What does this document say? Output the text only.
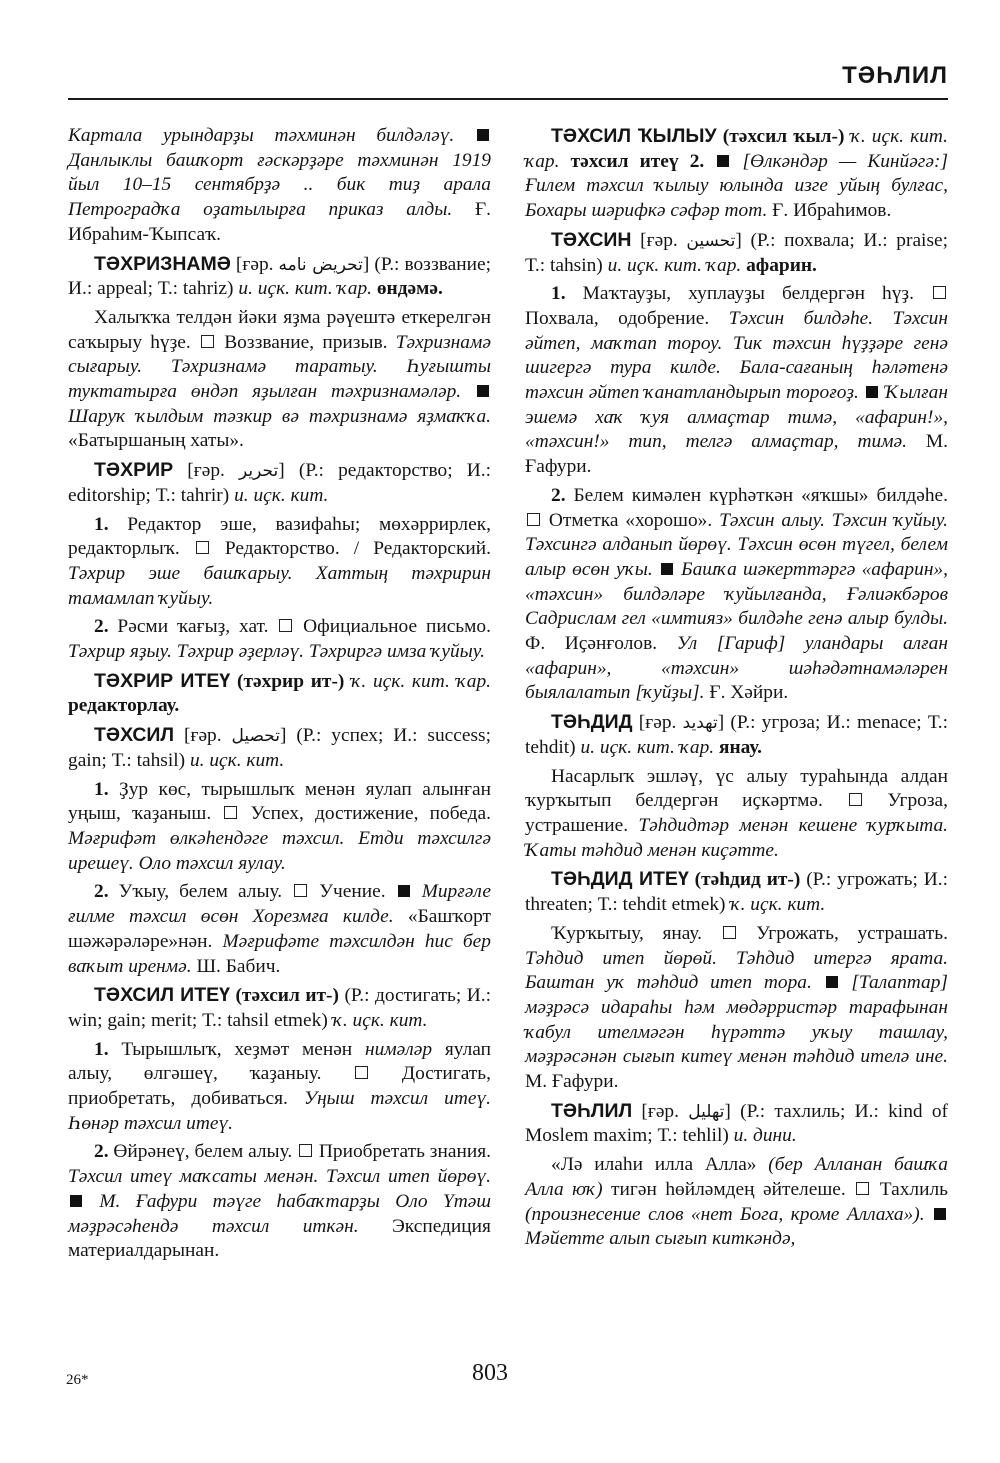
ТӘҺЛИЛ

Картала урындарҙы тәхминән билдәләү.  Данлыклы башҡорт ғәскәрҙәре тәхминән 1919 йыл 10–15 сентябрҙә .. бик тиҙ арала Петроградҡа оҙатылырға приказ алды. Ғ. Ибраһим-Ҡыпсаҡ.

ТӘХРИЗНАМӘ [ғәр. تحريض نامه] (Р.: воззвание; И.: appeal; Т.: tahriz) и. иҫк. кит. ҡар. өндәмә.

Халыҡҡа телдән йәки яҙма рәүештә еткерелгән саҡырыу һүҙе. Воззвание, призыв. Тәхризнамә сығарыу. Тәхризнамә таратыу. Һуғышты туктатырға өндәп яҙылған тәхризнамәләр.  Шаруҡ ҡылдым тәзкир вә тәхризнамә яҙмаҡҡа. «Батыршаның хаты».

ТӘХРИР [ғәр. تحرير] (Р.: редакторство; И.: editorship; Т.: tahrir) и. иҫк. кит.

1. Редактор эше, вазифаһы; мөхәррирлек, редакторлыҡ. Редакторство. / Редакторский. Тәхрир эше башҡарыу. Хаттың тәхририн тамамлап ҡуйыу.

2. Рәсми ҡағыҙ, хат. Официальное письмо. Тәхрир яҙыу. Тәхрир әҙерләү. Тәхриргә имза ҡуйыу.

ТӘХРИР ИТЕҮ (тәхрир ит-) ҡ. иҫк. кит. ҡар. редакторлау.

ТӘХСИЛ [ғәр. تحصيل] (Р.: успех; И.: success; gain; Т.: tahsil) и. иҫк. кит.

1. Ҙур көс, тырышлыҡ менән яулап алынған уңыш, ҡаҙаныш. Успех, достижение, победа. Мәғрифәт өлкәһендәге тәхсил. Етди тәхсилгә ирешеү. Оло тәхсил яулау.

2. Уҡыу, белем алыу. Учение. Мирғәле ғилме тәхсил өсөн Хорезмға килде. «Башҡорт шәжәрәләре»нән. Мәғрифәте тәхсилдән һис бер ваҡыт иренмә. Ш. Бабич.

ТӘХСИЛ ИТЕҮ (тәхсил ит-) (Р.: достигать; И.: win; gain; merit; Т.: tahsil etmek) ҡ. иҫк. кит.

1. Тырышлыҡ, хеҙмәт менән нимәләр яулап алыу, өлгәшеү, ҡаҙаныу.	Достигать, приобретать, добиваться. Уңыш тәхсил итеү. Һөнәр тәхсил итеү.

2. Өйрәнеү, белем алыу. Приобретать знания. Тәхсил итеү маҡсаты менән. Тәхсил итеп йөрөү.  М. Ғафури тәүге һабаҡтарҙы Оло Үтәш мәҙрәсәһендә тәхсил иткән. Экспедиция материалдарынан.

ТӘХСИЛ ҠЫЛЫУ (тәхсил ҡыл-) ҡ. иҫк. кит. ҡар. тәхсил итеү 2. [Өлкәндәр — Кинйәгә:] Ғилем тәхсил ҡылыу юлында изге уйың булғас, Бохары шәрифкә сәфәр тот. Ғ. Ибраһимов.

ТӘХСИН [ғәр. تحسين] (Р.: похвала; И.: praise; Т.: tahsin) и. иҫк. кит. ҡар. афарин.

1. Маҡтауҙы, хуплауҙы белдергән һүҙ.  Похвала, одобрение. Тәхсин билдәһе. Тәхсин әйтеп, маҡтап тороу. Тик тәхсин һүҙҙәре генә шигергә тура килде. Бала-сағаның һәләтенә тәхсин әйтеп ҡанатландырып тороғоҙ. Ҡылған эшемә хаҡ ҡуя алмаҫтар тимә, «афарин!», «тәхсин!» тип, телгә алмаҫтар, тимә. М. Ғафури.

2. Белем кимәлен күрһәткән «яҡшы» билдәһе.  Отметка «хорошо». Тәхсин алыу. Тәхсин ҡуйыу. Тәхсингә алданып йөрөү. Тәхсин өсөн түгел, белем алыр өсөн уҡы. Башҡа шәкерттәргә «афарин», «тәхсин» билдәләре ҡуйылғанда, Ғәлиәкбәров Садрислам гел «имтияз» билдәһе генә алыр булды. Ф. Иҫәнғолов. Ул [Гариф] уландары алған «афарин», «тәхсин» шәһәдәтнамәләрен быялалатып [ҡуйҙы]. Ғ. Хәйри.

ТӘҺДИД [ғәр. تهديد] (Р.: угроза; И.: menace; Т.: tehdit) и. иҫк. кит. ҡар. янау.

Насарлыҡ эшләү, үс алыу тураһында алдан ҡурҡытып белдергән иҫкәртмә.	Угроза, устрашение. Тәһдидтәр менән кешене ҡурҡыта. Ҡаты тәһдид менән киҫәтте.

ТӘҺДИД ИТЕҮ (тәһдид ит-) (Р.: угрожать; И.: threaten; Т.: tehdit etmek) ҡ. иҫк. кит.

Ҡурҡытыу, янау.	Угрожать, устрашать. Тәһдид итеп йөрөй. Тәһдид итергә ярата. Баштан уҡ тәһдид итеп тора. [Талаптар] мәҙрәсә идараһы һәм мөдәрристәр тарафынан ҡабул ителмәгән һүрәттә уҡыу ташлау, мәҙрәсәнән сығып китеү менән тәһдид ителә ине. М. Ғафури.

ТӘҺЛИЛ [ғәр. تهليل] (Р.: тахлиль; И.: kind of Moslem maxim; Т.: tehlil) и. дини.

«Лә илаһи илла Алла» (бер Алланан башҡа Алла юҡ) тигән һөйләмдең әйтелеше. Тахлиль (произнесение слов «нет Бога, кроме Аллаха»).  Мәйетте алып сығып киткәндә,

26*	803
